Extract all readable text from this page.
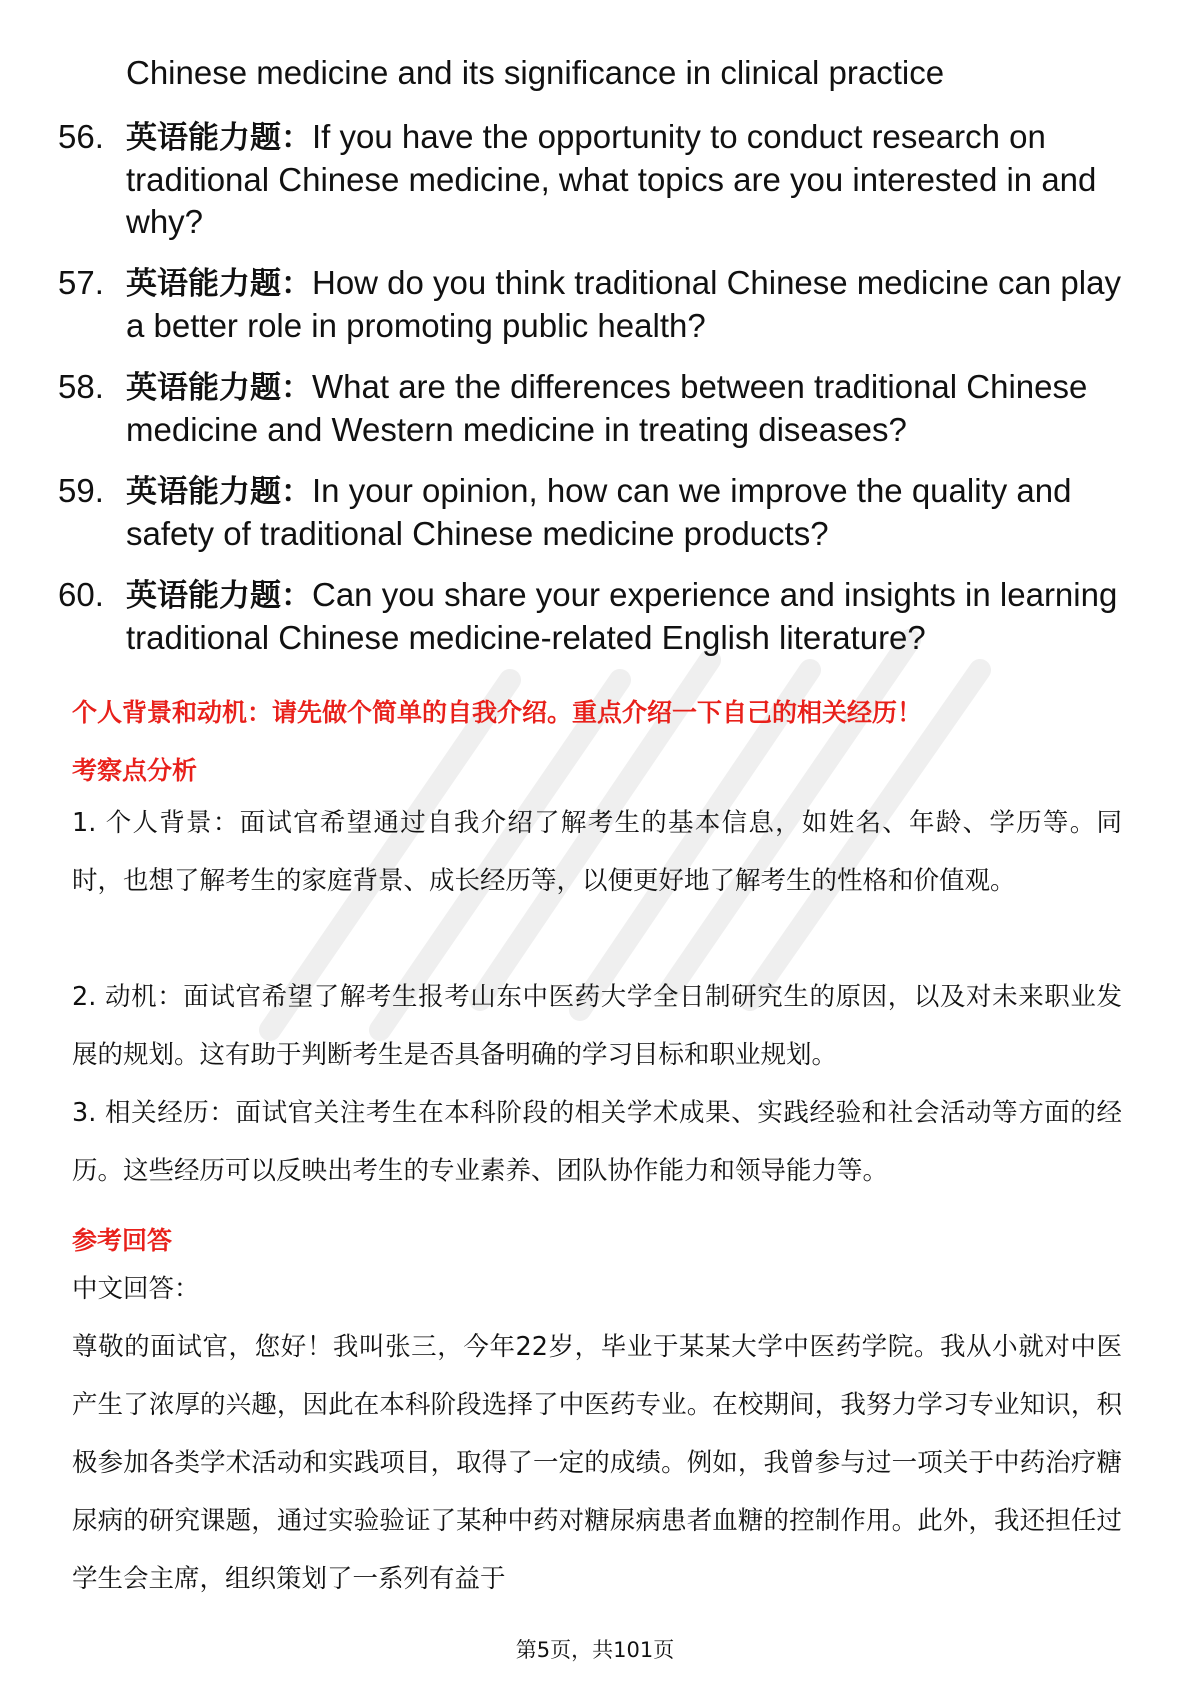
Chinese medicine and its significance in clinical practice
56. 英语能力题：If you have the opportunity to conduct research on traditional Chinese medicine, what topics are you interested in and why?
57. 英语能力题：How do you think traditional Chinese medicine can play a better role in promoting public health?
58. 英语能力题：What are the differences between traditional Chinese medicine and Western medicine in treating diseases?
59. 英语能力题：In your opinion, how can we improve the quality and safety of traditional Chinese medicine products?
60. 英语能力题：Can you share your experience and insights in learning traditional Chinese medicine-related English literature?
个人背景和动机：请先做个简单的自我介绍。重点介绍一下自己的相关经历！
考察点分析
1. 个人背景：面试官希望通过自我介绍了解考生的基本信息，如姓名、年龄、学历等。同时，也想了解考生的家庭背景、成长经历等，以便更好地了解考生的性格和价值观。
2. 动机：面试官希望了解考生报考山东中医药大学全日制研究生的原因，以及对未来职业发展的规划。这有助于判断考生是否具备明确的学习目标和职业规划。
3. 相关经历：面试官关注考生在本科阶段的相关学术成果、实践经验和社会活动等方面的经历。这些经历可以反映出考生的专业素养、团队协作能力和领导能力等。
参考回答
中文回答：
尊敬的面试官，您好！我叫张三，今年22岁，毕业于某某大学中医药学院。我从小就对中医产生了浓厚的兴趣，因此在本科阶段选择了中医药专业。在校期间，我努力学习专业知识，积极参加各类学术活动和实践项目，取得了一定的成绩。例如，我曾参与过一项关于中药治疗糖尿病的研究课题，通过实验验证了某种中药对糖尿病患者血糖的控制作用。此外，我还担任过学生会主席，组织策划了一系列有益于
第5页，共101页
